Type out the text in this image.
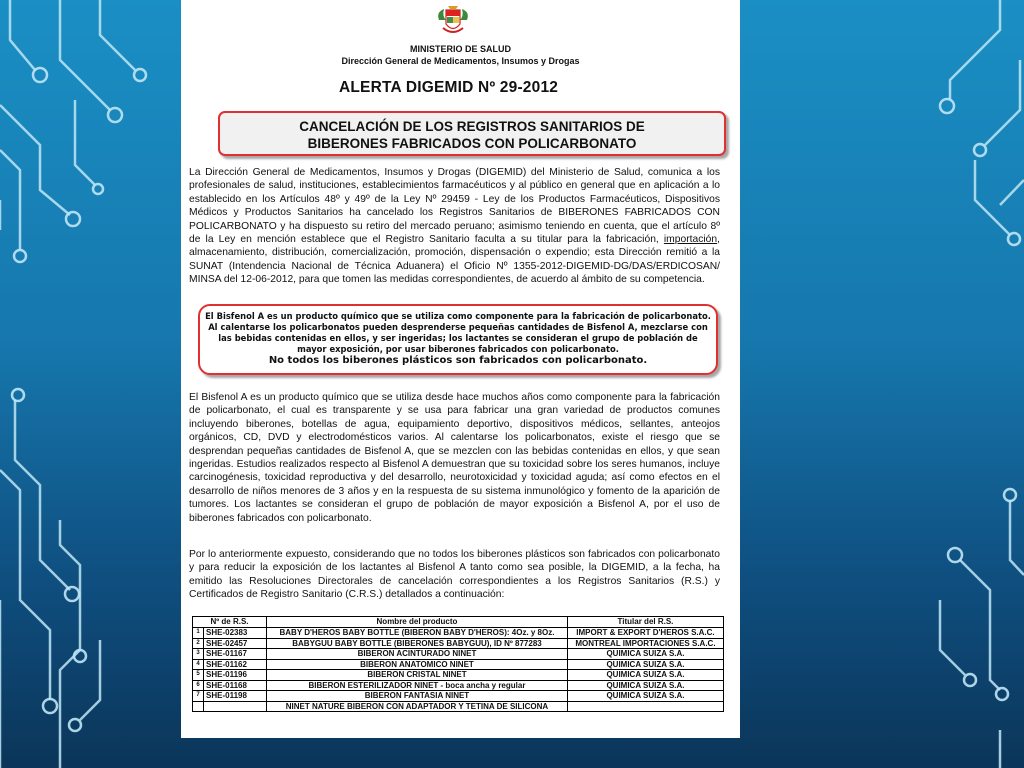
MINISTERIO DE SALUD
Dirección General de Medicamentos, Insumos y Drogas
ALERTA DIGEMID Nº 29-2012
CANCELACIÓN DE LOS REGISTROS SANITARIOS DE
BIBERONES FABRICADOS CON POLICARBONATO

La Dirección General de Medicamentos, Insumos y Drogas (DIGEMID) del Ministerio de Salud, comunica a los profesionales de salud, instituciones, establecimientos farmacéuticos y al público en general que en aplicación a lo establecido en los Artículos 48º y 49º de la Ley Nº 29459 - Ley de los Productos Farmacéuticos, Dispositivos Médicos y Productos Sanitarios ha cancelado los Registros Sanitarios de BIBERONES FABRICADOS CON POLICARBONATO y ha dispuesto su retiro del mercado peruano; asimismo teniendo en cuenta, que el artículo 8º de la Ley en mención establece que el Registro Sanitario faculta a su titular para la fabricación, importación, almacenamiento, distribución, comercialización, promoción, dispensación o expendio; esta Dirección remitió a la SUNAT (Intendencia Nacional de Técnica Aduanera) el Oficio Nº 1355-2012-DIGEMID-DG/DAS/ERDICOSAN/ MINSA del 12-06-2012, para que tomen las medidas correspondientes, de acuerdo al ámbito de su competencia.

El Bisfenol A es un producto químico que se utiliza como componente para la fabricación de policarbonato.
Al calentarse los policarbonatos pueden desprenderse pequeñas cantidades de Bisfenol A, mezclarse con
las bebidas contenidas en ellos, y ser ingeridas; los lactantes se consideran el grupo de población de
mayor exposición, por usar biberones fabricados con policarbonato.
No todos los biberones plásticos son fabricados con policarbonato.

El Bisfenol A es un producto químico que se utiliza desde hace muchos años como componente para la fabricación de policarbonato, el cual es transparente y se usa para fabricar una gran variedad de productos comunes incluyendo biberones, botellas de agua, equipamiento deportivo, dispositivos médicos, sellantes, anteojos orgánicos, CD, DVD y electrodomésticos varios. Al calentarse los policarbonatos, existe el riesgo que se desprendan pequeñas cantidades de Bisfenol A, que se mezclen con las bebidas contenidas en ellos, y que sean ingeridas. Estudios realizados respecto al Bisfenol A demuestran que su toxicidad sobre los seres humanos, incluye carcinogénesis, toxicidad reproductiva y del desarrollo, neurotoxicidad y toxicidad aguda; así como efectos en el desarrollo de niños menores de 3 años y en la respuesta de su sistema inmunológico y fomento de la aparición de tumores. Los lactantes se consideran el grupo de población de mayor exposición a Bisfenol A, por el uso de biberones fabricados con policarbonato.

Por lo anteriormente expuesto, considerando que no todos los biberones plásticos son fabricados con policarbonato y para reducir la exposición de los lactantes al Bisfenol A tanto como sea posible, la DIGEMID, a la fecha, ha emitido las Resoluciones Directorales de cancelación correspondientes a los Registros Sanitarios (R.S.) y Certificados de Registro Sanitario (C.R.S.) detallados a continuación:

Nº de R.S.		Nombre del producto	Titular del R.S.
1	SHE-02383	BABY D'HEROS BABY BOTTLE (BIBERON BABY D'HEROS): 4Oz. y 8Oz.	IMPORT & EXPORT D'HEROS S.A.C.
2	SHE-02457	BABYGUU BABY BOTTLE (BIBERONES BABYGUU), ID Nº 877283	MONTREAL IMPORTACIONES S.A.C.
3	SHE-01167	BIBERON ACINTURADO NINET	QUIMICA SUIZA S.A.
4	SHE-01162	BIBERON ANATOMICO NINET	QUIMICA SUIZA S.A.
5	SHE-01196	BIBERON CRISTAL NINET	QUIMICA SUIZA S.A.
6	SHE-01168	BIBERON ESTERILIZADOR NINET - boca ancha y regular	QUIMICA SUIZA S.A.
7	SHE-01198	BIBERON FANTASIA NINET	QUIMICA SUIZA S.A.
		NINET NATURE BIBERON CON ADAPTADOR Y TETINA DE SILICONA	
